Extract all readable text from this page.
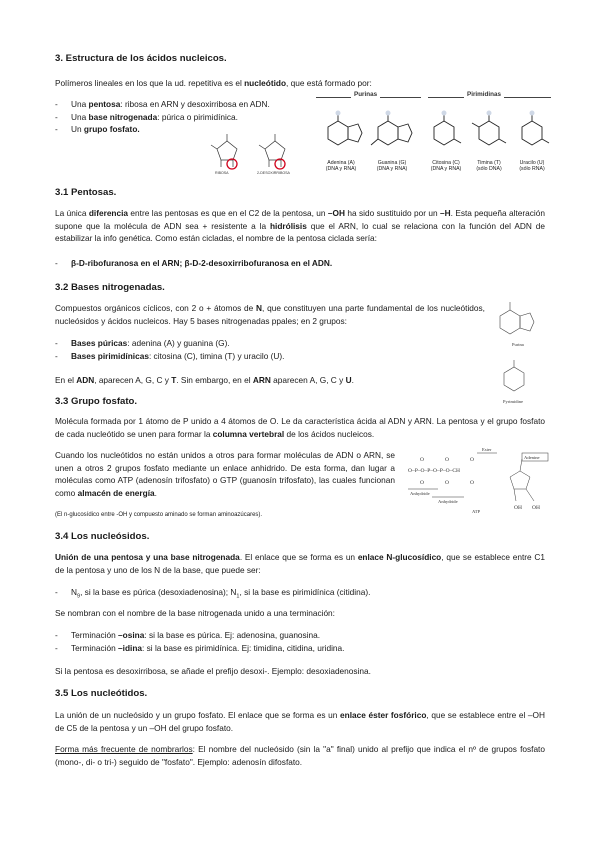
3. Estructura de los ácidos nucleicos.
Polímeros lineales en los que la ud. repetitiva es el nucleótido, que está formado por:
- Una pentosa: ribosa en ARN y desoxirribosa en ADN.
- Una base nitrogenada: púrica o pirimidínica.
- Un grupo fosfato.
RIBOSA	2-DESOXIRRIBOSA
Purinas	Pirimidinas
Adenina (A)
(DNA y RNA)
Guanina (G)
(DNA y RNA)
Citosina (C)
(DNA y RNA)
Timina (T)
(sólo DNA)
Uracilo (U)
(sólo RNA)
3.1 Pentosas.
La única diferencia entre las pentosas es que en el C2 de la pentosa, un –OH ha sido sustituido por un –H. Esta pequeña alteración supone que la molécula de ADN sea + resistente a la hidrólisis que el ARN, lo cual se relaciona con la función del ADN de estabilizar la info genética. Como están cicladas, el nombre de la pentosa ciclada sería:
- β-D-ribofuranosa en el ARN; β-D-2-desoxirribofuranosa en el ADN.
3.2 Bases nitrogenadas.
Compuestos orgánicos cíclicos, con 2 o + átomos de N, que constituyen una parte fundamental de los nucleótidos, nucleósidos y ácidos nucleicos. Hay 5 bases nitrogenadas ppales; en 2 grupos:
- Bases púricas: adenina (A) y guanina (G).
- Bases pirimidínicas: citosina (C), timina (T) y uracilo (U).
En el ADN, aparecen A, G, C y T. Sin embargo, en el ARN aparecen A, G, C y U.
Purina
Pyrimidine
3.3 Grupo fosfato.
Molécula formada por 1 átomo de P unido a 4 átomos de O. Le da característica ácida al ADN y ARN. La pentosa y el grupo fosfato de cada nucleótido se unen para formar la columna vertebral de los ácidos nucleicos.
Cuando los nucleótidos no están unidos a otros para formar moléculas de ADN o ARN, se unen a otros 2 grupos fosfato mediante un enlace anhidrido. De esta forma, dan lugar a moléculas como ATP (adenosín trifosfato) o GTP (guanosín trifosfato), las cuales funcionan como almacén de energía.
(El n-glucosídico entre -OH y compuesto aminado se forman aminoazúcares).
O	O	O
O–P–O–P–O–P–O–CH
O	O	O
OH OH
Ester
Adenine
Anhydride
Anhydride
ATP
3.4 Los nucleósidos.
Unión de una pentosa y una base nitrogenada. El enlace que se forma es un enlace N-glucosídico, que se establece entre C1 de la pentosa y uno de los N de la base, que puede ser:
- $N_9$, si la base es púrica (desoxiadenosina); $N_1$, si la base es pirimidínica (citidina).
Se nombran con el nombre de la base nitrogenada unido a una terminación:
- Terminación –osina: si la base es púrica. Ej: adenosina, guanosina.
- Terminación –idina: si la base es pirimidínica. Ej: timidina, citidina, uridina.
Si la pentosa es desoxirribosa, se añade el prefijo desoxi-. Ejemplo: desoxiadenosina.
3.5 Los nucleótidos.
La unión de un nucleósido y un grupo fosfato. El enlace que se forma es un enlace éster fosfórico, que se establece entre el –OH de C5 de la pentosa y un –OH del grupo fosfato.
Forma más frecuente de nombrarlos: El nombre del nucleósido (sin la "a" final) unido al prefijo que indica el nº de grupos fosfato (mono-, di- o tri-) seguido de "fosfato". Ejemplo: adenosín difosfato.
